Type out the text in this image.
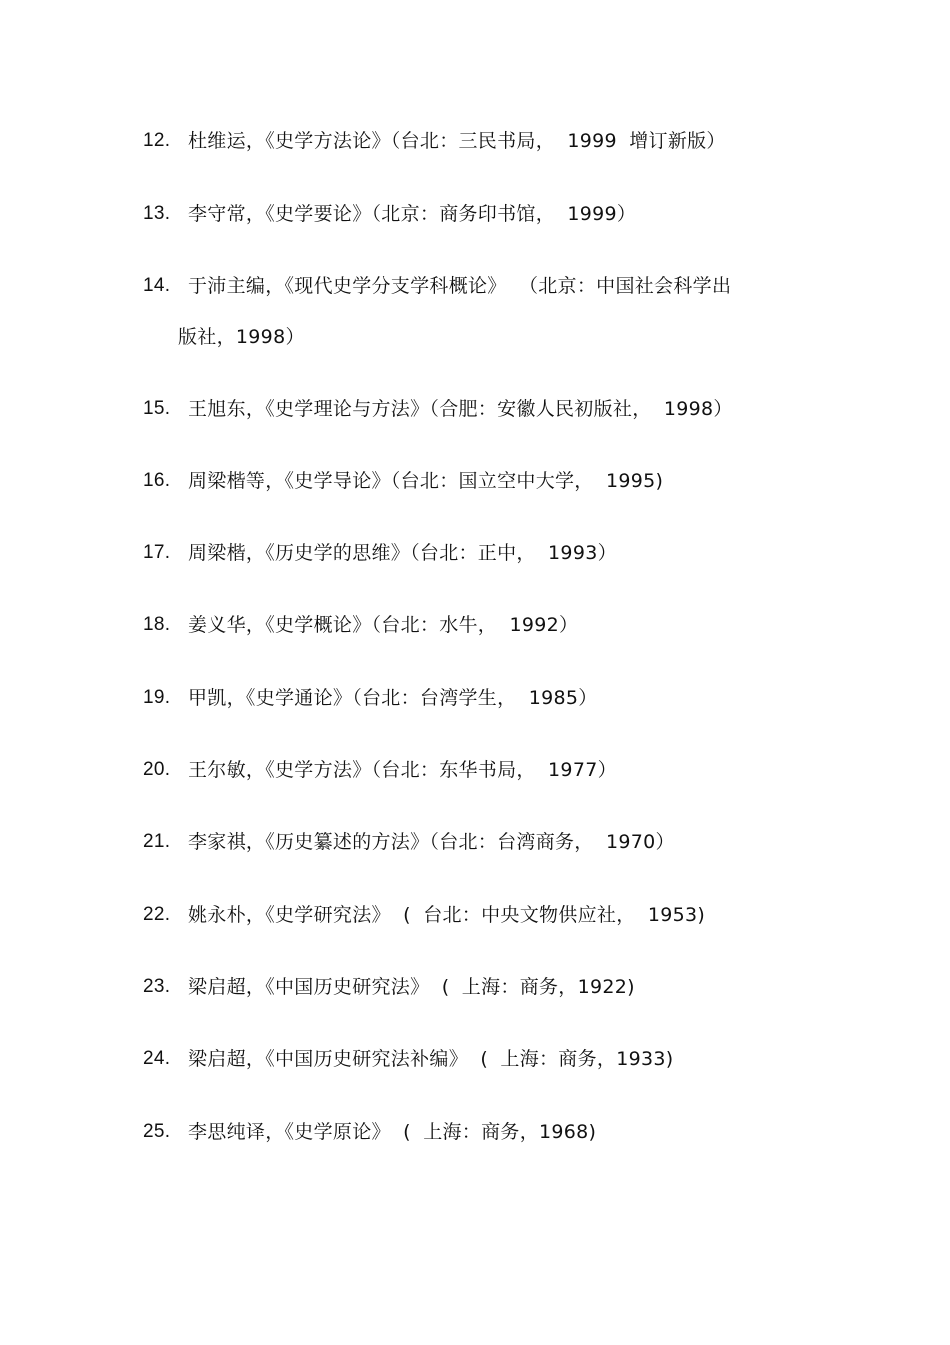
12. 杜维运，《史学方法论》（台北：三民书局， 1999 增订新版）
13. 李守常，《史学要论》（北京：商务印书馆， 1999）
14. 于沛主编，《现代史学分支学科概论》 （北京：中国社会科学出
版社，1998）
15. 王旭东，《史学理论与方法》（合肥：安徽人民初版社， 1998）
16. 周梁楷等，《史学导论》（台北：国立空中大学， 1995)
17. 周梁楷，《历史学的思维》（台北：正中， 1993）
18. 姜义华，《史学概论》（台北：水牛， 1992）
19. 甲凯，《史学通论》（台北：台湾学生， 1985）
20. 王尔敏，《史学方法》（台北：东华书局， 1977）
21. 李家祺，《历史纂述的方法》（台北：台湾商务， 1970）
22. 姚永朴，《史学研究法》 ( 台北：中央文物供应社， 1953)
23. 梁启超，《中国历史研究法》 ( 上海：商务，1922)
24. 梁启超，《中国历史研究法补编》 ( 上海：商务，1933)
25. 李思纯译，《史学原论》 ( 上海：商务，1968)
